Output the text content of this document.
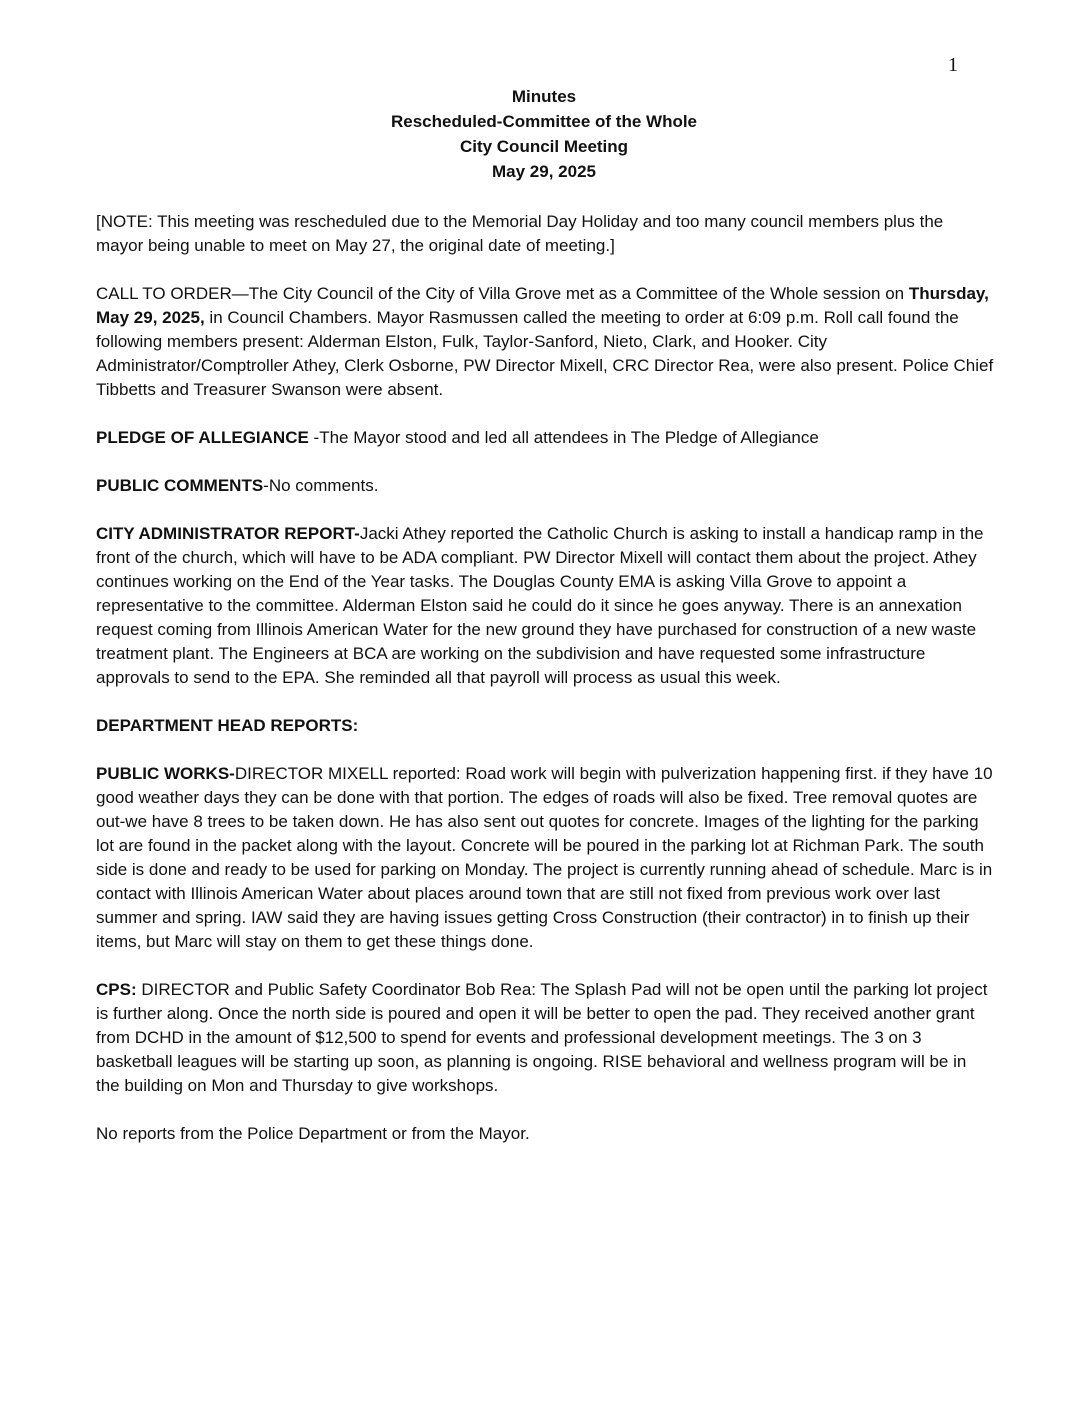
1
Minutes
Rescheduled-Committee of the Whole
City Council Meeting
May 29, 2025

[NOTE: This meeting was rescheduled due to the Memorial Day Holiday and too many council members plus the mayor being unable to meet on May 27, the original date of meeting.]

CALL TO ORDER—The City Council of the City of Villa Grove met as a Committee of the Whole session on Thursday, May 29, 2025, in Council Chambers. Mayor Rasmussen called the meeting to order at 6:09 p.m. Roll call found the following members present: Alderman Elston, Fulk, Taylor-Sanford, Nieto, Clark, and Hooker. City Administrator/Comptroller Athey, Clerk Osborne, PW Director Mixell, CRC Director Rea, were also present. Police Chief Tibbetts and Treasurer Swanson were absent.

PLEDGE OF ALLEGIANCE -The Mayor stood and led all attendees in The Pledge of Allegiance

PUBLIC COMMENTS-No comments.

CITY ADMINISTRATOR REPORT-Jacki Athey reported the Catholic Church is asking to install a handicap ramp in the front of the church, which will have to be ADA compliant. PW Director Mixell will contact them about the project. Athey continues working on the End of the Year tasks. The Douglas County EMA is asking Villa Grove to appoint a representative to the committee. Alderman Elston said he could do it since he goes anyway. There is an annexation request coming from Illinois American Water for the new ground they have purchased for construction of a new waste treatment plant. The Engineers at BCA are working on the subdivision and have requested some infrastructure approvals to send to the EPA. She reminded all that payroll will process as usual this week.

DEPARTMENT HEAD REPORTS:

PUBLIC WORKS-DIRECTOR MIXELL reported: Road work will begin with pulverization happening first. if they have 10 good weather days they can be done with that portion. The edges of roads will also be fixed. Tree removal quotes are out-we have 8 trees to be taken down. He has also sent out quotes for concrete. Images of the lighting for the parking lot are found in the packet along with the layout. Concrete will be poured in the parking lot at Richman Park. The south side is done and ready to be used for parking on Monday. The project is currently running ahead of schedule. Marc is in contact with Illinois American Water about places around town that are still not fixed from previous work over last summer and spring. IAW said they are having issues getting Cross Construction (their contractor) in to finish up their items, but Marc will stay on them to get these things done.

CPS: DIRECTOR and Public Safety Coordinator Bob Rea: The Splash Pad will not be open until the parking lot project is further along. Once the north side is poured and open it will be better to open the pad. They received another grant from DCHD in the amount of $12,500 to spend for events and professional development meetings. The 3 on 3 basketball leagues will be starting up soon, as planning is ongoing. RISE behavioral and wellness program will be in the building on Mon and Thursday to give workshops.

No reports from the Police Department or from the Mayor.
